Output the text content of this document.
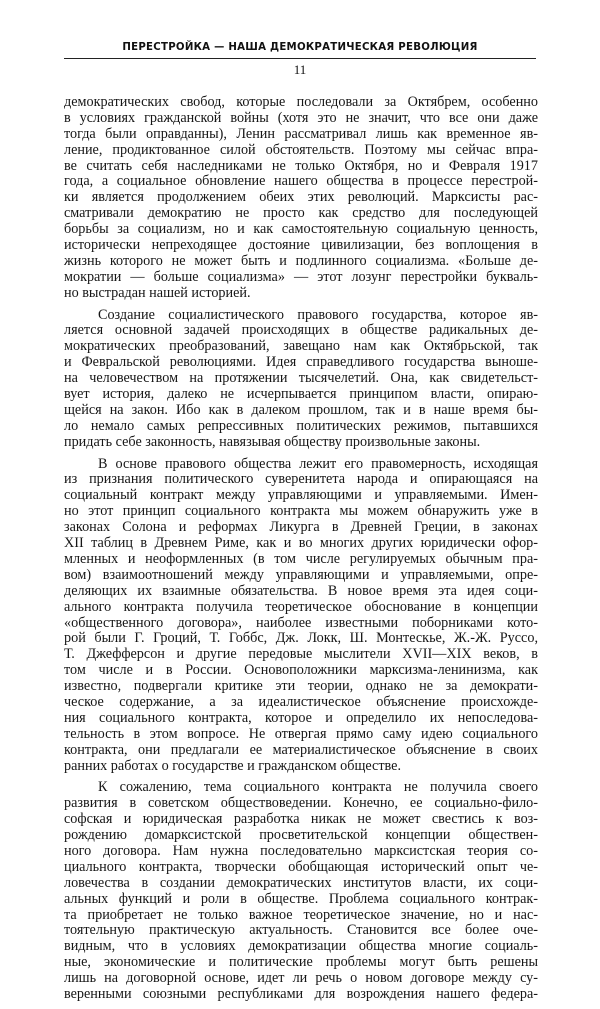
ПЕРЕСТРОЙКА — НАША ДЕМОКРАТИЧЕСКАЯ РЕВОЛЮЦИЯ
11
демократических свобод, которые последовали за Октябрем, особенно
в условиях гражданской войны (хотя это не значит, что все они даже
тогда были оправданны), Ленин рассматривал лишь как временное яв-
ление, продиктованное силой обстоятельств. Поэтому мы сейчас впра-
ве считать себя наследниками не только Октября, но и Февраля 1917
года, а социальное обновление нашего общества в процессе перестрой-
ки является продолжением обеих этих революций. Марксисты рас-
сматривали демократию не просто как средство для последующей
борьбы за социализм, но и как самостоятельную социальную ценность,
исторически непреходящее достояние цивилизации, без воплощения в
жизнь которого не может быть и подлинного социализма. «Больше де-
мократии — больше социализма» — этот лозунг перестройки букваль-
но выстрадан нашей историей.
Создание социалистического правового государства, которое яв-
ляется основной задачей происходящих в обществе радикальных де-
мократических преобразований, завещано нам как Октябрьской, так
и Февральской революциями. Идея справедливого государства выноше-
на человечеством на протяжении тысячелетий. Она, как свидетельст-
вует история, далеко не исчерпывается принципом власти, опираю-
щейся на закон. Ибо как в далеком прошлом, так и в наше время бы-
ло немало самых репрессивных политических режимов, пытавшихся
придать себе законность, навязывая обществу произвольные законы.
В основе правового общества лежит его правомерность, исходящая
из признания политического суверенитета народа и опирающаяся на
социальный контракт между управляющими и управляемыми. Имен-
но этот принцип социального контракта мы можем обнаружить уже в
законах Солона и реформах Ликурга в Древней Греции, в законах
XII таблиц в Древнем Риме, как и во многих других юридически офор-
мленных и неоформленных (в том числе регулируемых обычным пра-
вом) взаимоотношений между управляющими и управляемыми, опре-
деляющих их взаимные обязательства. В новое время эта идея соци-
ального контракта получила теоретическое обоснование в концепции
«общественного договора», наиболее известными поборниками кото-
рой были Г. Гроций, Т. Гоббс, Дж. Локк, Ш. Монтескье, Ж.-Ж. Руссо,
Т. Джефферсон и другие передовые мыслители XVII—XIX веков, в
том числе и в России. Основоположники марксизма-ленинизма, как
известно, подвергали критике эти теории, однако не за демократи-
ческое содержание, а за идеалистическое объяснение происхожде-
ния социального контракта, которое и определило их непоследова-
тельность в этом вопросе. Не отвергая прямо саму идею социального
контракта, они предлагали ее материалистическое объяснение в своих
ранних работах о государстве и гражданском обществе.
К сожалению, тема социального контракта не получила своего
развития в советском обществоведении. Конечно, ее социально-фило-
софская и юридическая разработка никак не может свестись к воз-
рождению домарксистской просветительской концепции обществен-
ного договора. Нам нужна последовательно марксистская теория со-
циального контракта, творчески обобщающая исторический опыт че-
ловечества в создании демократических институтов власти, их соци-
альных функций и роли в обществе. Проблема социального контрак-
та приобретает не только важное теоретическое значение, но и нас-
тоятельную практическую актуальность. Становится все более оче-
видным, что в условиях демократизации общества многие социаль-
ные, экономические и политические проблемы могут быть решены
лишь на договорной основе, идет ли речь о новом договоре между су-
веренными союзными республиками для возрождения нашего федера-
